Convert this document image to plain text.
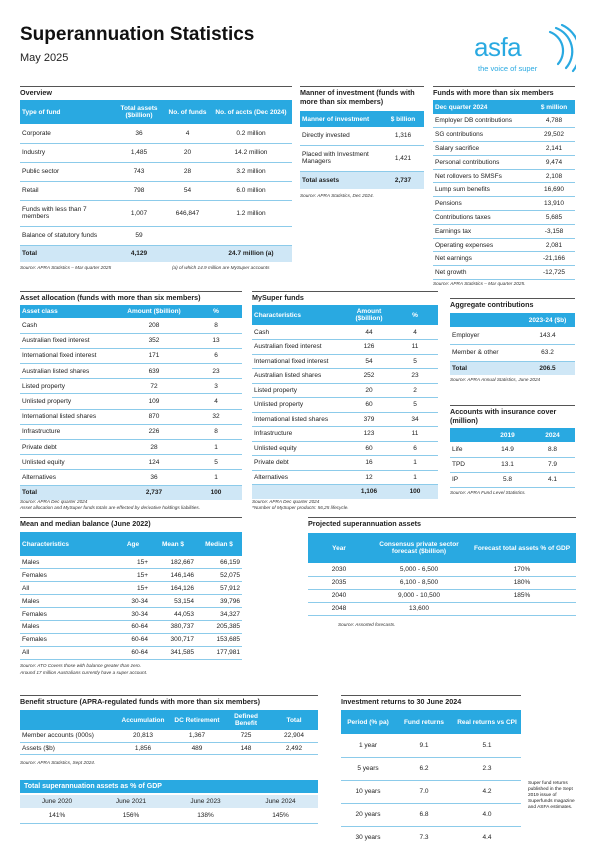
Superannuation Statistics
May 2025	asfa
the voice of super
Overview
Type of fund	Total assets ($billion)	No. of funds	No. of accts (Dec 2024)
Corporate	36	4	0.2 million
Industry	1,485	20	14.2 million
Public sector	743	28	3.2 million
Retail	798	54	6.0 million
Funds with less than 7 members	1,007	646,847	1.2 million
Balance of statutory funds	59		
Total	4,129		24.7 million (a)
Source: APRA Statistics – Mar quarter 2025	(a) of which 14.9 million are MySuper accounts
Manner of investment (funds with more than six members)
Manner of investment	$ billion
Directly invested	1,316
Placed with Investment Managers	1,421
Total assets	2,737
Source: APRA Statistics, Dec 2024.
Funds with more than six members
Dec quarter 2024	$ million
Employer DB contributions	4,788
SG contributions	29,502
Salary sacrifice	2,141
Personal contributions	9,474
Net rollovers to SMSFs	2,108
Lump sum benefits	16,690
Pensions	13,910
Contributions taxes	5,685
Earnings tax	-3,158
Operating expenses	2,081
Net earnings	-21,166
Net growth	-12,725
Source: APRA Statistics – Mar quarter 2025.
Asset allocation (funds with more than six members)
Asset class	Amount ($billion)	%
Cash	208	8
Australian fixed interest	352	13
International fixed interest	171	6
Australian listed shares	639	23
Listed property	72	3
Unlisted property	109	4
International listed shares	870	32
Infrastructure	226	8
Private debt	28	1
Unlisted equity	124	5
Alternatives	36	1
Total	2,737	100
Source: APRA Dec quarter 2024
Asset allocation and MySuper funds totals are effected by derivative holdings liabilities.
MySuper funds
Characteristics	Amount ($billion)	%
Cash	44	4
Australian fixed interest	126	11
International fixed interest	54	5
Australian listed shares	252	23
Listed property	20	2
Unlisted property	60	5
International listed shares	379	34
Infrastructure	123	11
Unlisted equity	60	6
Private debt	16	1
Alternatives	12	1
	1,106	100
Source: APRA Dec quarter 2024
*Number of MySuper products: 56,25 lifecycle.
Aggregate contributions
	2023-24 ($b)
Employer	143.4
Member & other	63.2
Total	206.5
Source: APRA Annual Statistics, June 2024
Accounts with insurance cover (million)
	2019	2024
Life	14.9	8.8
TPD	13.1	7.9
IP	5.8	4.1
Source: APRA Fund Level Statistics.
Mean and median balance (June 2022)
Characteristics	Age	Mean $	Median $
Males	15+	182,667	66,159
Females	15+	146,146	52,075
All	15+	164,126	57,912
Males	30-34	53,154	39,796
Females	30-34	44,053	34,327
Males	60-64	380,737	205,385
Females	60-64	300,717	153,685
All	60-64	341,585	177,981
Source: ATO Covers those with balance greater than zero.
Around 17 million Australians currently have a super account.
Projected superannuation assets
Year	Consensus private sector forecast ($billion)	Forecast total assets % of GDP
2030	5,000 - 6,500	170%
2035	6,100 - 8,500	180%
2040	9,000 - 10,500	185%
2048	13,600	
Source: Assorted forecasts.
Benefit structure (APRA-regulated funds with more than six members)
	Accumulation	DC Retirement	Defined Benefit	Total
Member accounts (000s)	20,813	1,367	725	22,904
Assets ($b)	1,856	489	148	2,492
Source: APRA Statistics, Sept 2024.
Total superannuation assets as % of GDP
June 2020	June 2021	June 2023	June 2024
141%	156%	138%	145%
Investment returns to 30 June 2024
Period (% pa)	Fund returns	Real returns vs CPI
1 year	9.1	5.1
5 years	6.2	2.3
10 years	7.0	4.2
20 years	6.8	4.0
30 years	7.3	4.4
Super fund returns published in the Sept 2019 issue of Superfunds magazine and ASFA estimates.
